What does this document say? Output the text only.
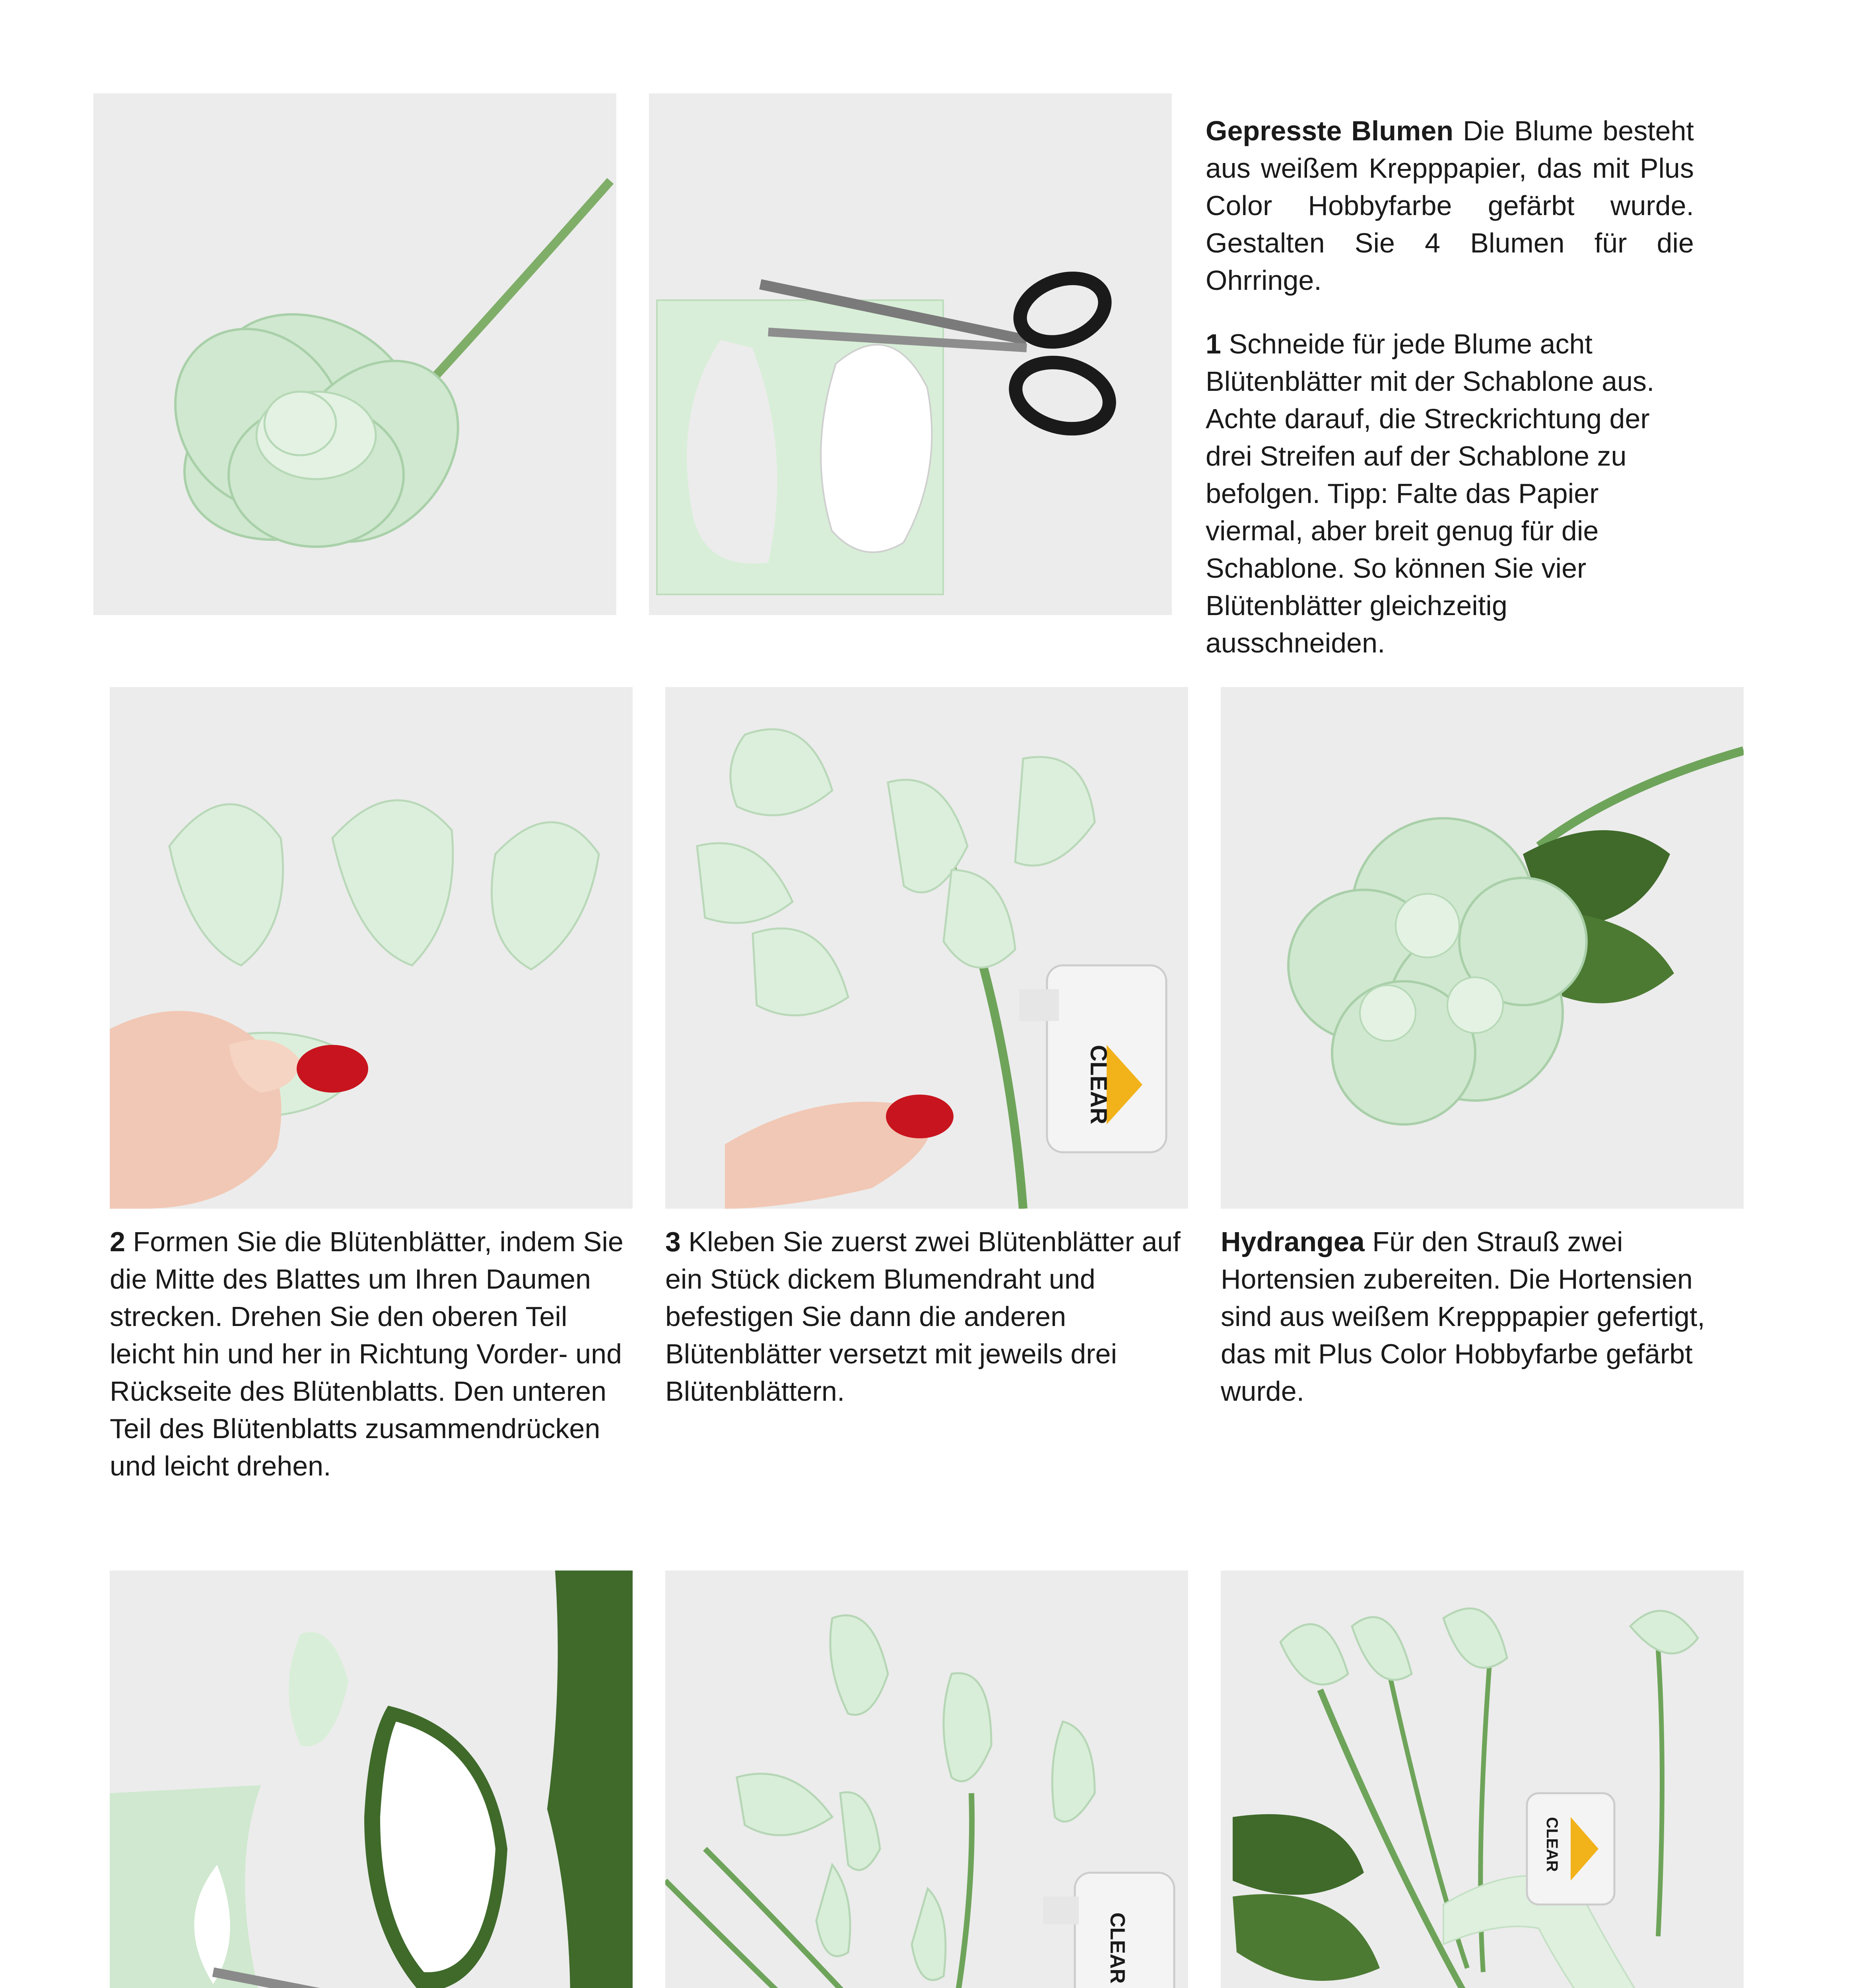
Gepresste Blumen Die Blume besteht aus weißem Krepppapier, das mit Plus Color Hobbyfarbe gefärbt wurde. Gestalten Sie 4 Blumen für die Ohrringe.

1 Schneide für jede Blume acht Blütenblätter mit der Schablone aus. Achte darauf, die Streckrichtung der drei Streifen auf der Schablone zu befolgen. Tipp: Falte das Papier viermal, aber breit genug für die Schablone. So können Sie vier Blütenblätter gleichzeitig ausschneiden.

CLEAR

2 Formen Sie die Blütenblätter, indem Sie die Mitte des Blattes um Ihren Daumen strecken. Drehen Sie den oberen Teil leicht hin und her in Richtung Vorder- und Rückseite des Blütenblatts. Den unteren Teil des Blütenblatts zusammendrücken und leicht drehen.

3 Kleben Sie zuerst zwei Blütenblätter auf ein Stück dickem Blumendraht und befestigen Sie dann die anderen Blütenblätter versetzt mit jeweils drei Blütenblättern.

Hydrangea Für den Strauß zwei Hortensien zubereiten. Die Hortensien sind aus weißem Krepppapier gefertigt, das mit Plus Color Hobbyfarbe gefärbt wurde.

CLEAR
CLEAR
